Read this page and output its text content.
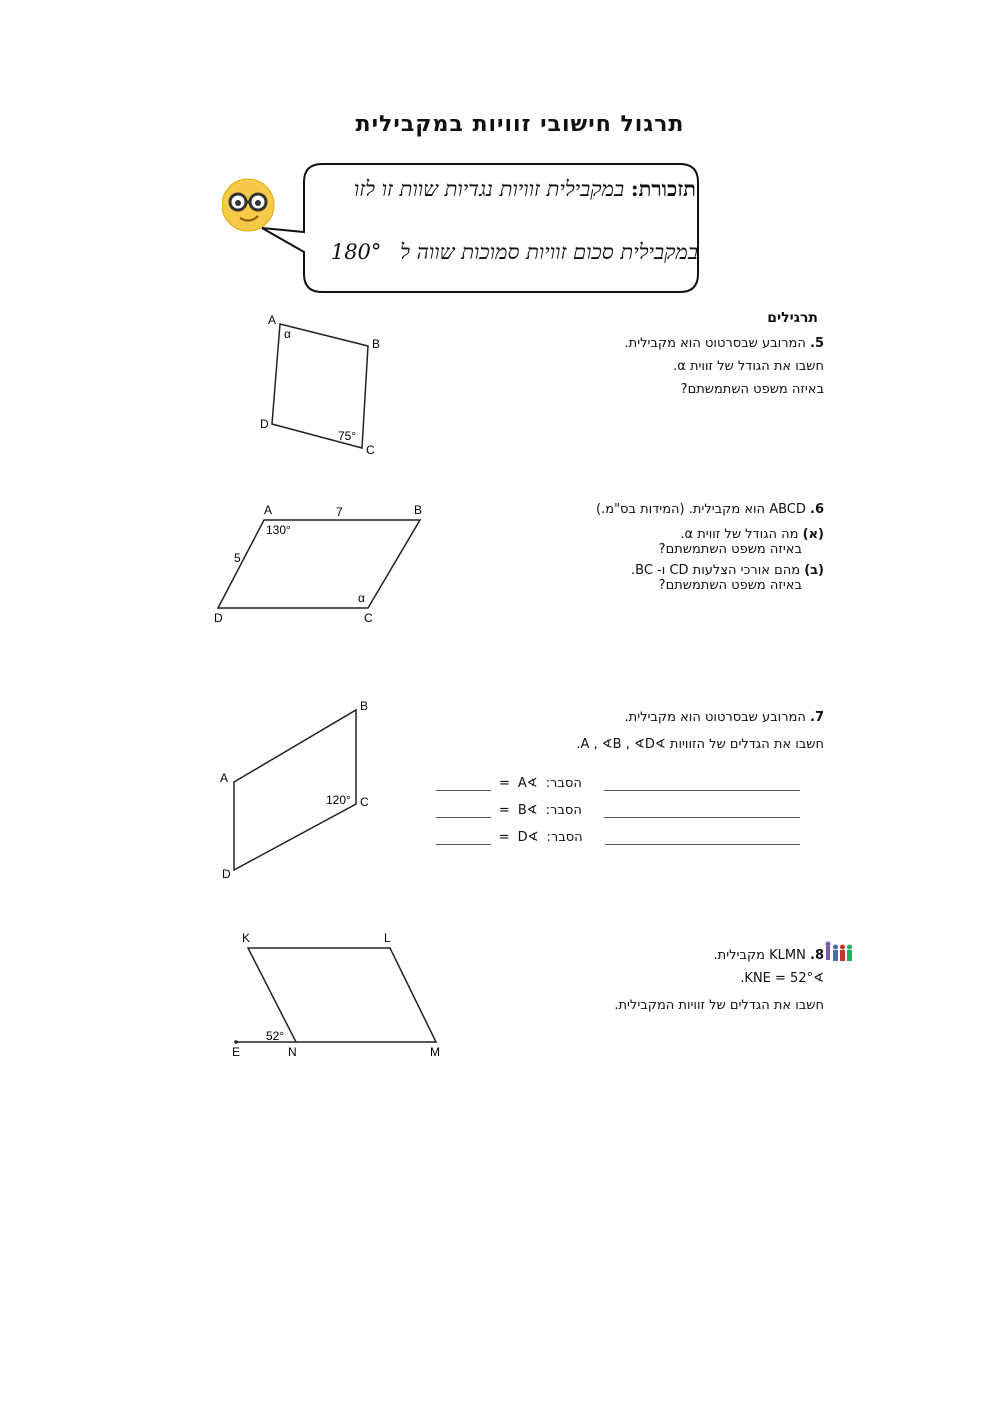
תרגול חישובי זוויות במקבילית
תזכורת: במקבילית זוויות נגדיות שוות זו לזו
במקבילית סכום זוויות סמוכות שווה ל 180°
תרגילים
5. המרובע שבסרטוט הוא מקבילית.
חשבו את הגודל של זווית α.
באיזה משפט השתמשתם?
A
B
C
D
α
75°
6. ABCD הוא מקבילית. (המידות בס"מ.)
(א) מה הגודל של זווית α.
באיזה משפט השתמשתם?
(ב) מהם אורכי הצלעות CD ו- BC.
באיזה משפט השתמשתם?
A	B
C
D
7
5
130°
α
7. המרובע שבסרטוט הוא מקבילית.
חשבו את הגדלים של הזוויות ∢A , ∢B , ∢D.
= ∢A הסבר:
= ∢B הסבר:
= ∢D הסבר:
A
B
C
D
120°
8. KLMN מקבילית.
∢KNE = 52°.
חשבו את הגדלים של זוויות המקבילית.
K	L
M
N
E
52°
